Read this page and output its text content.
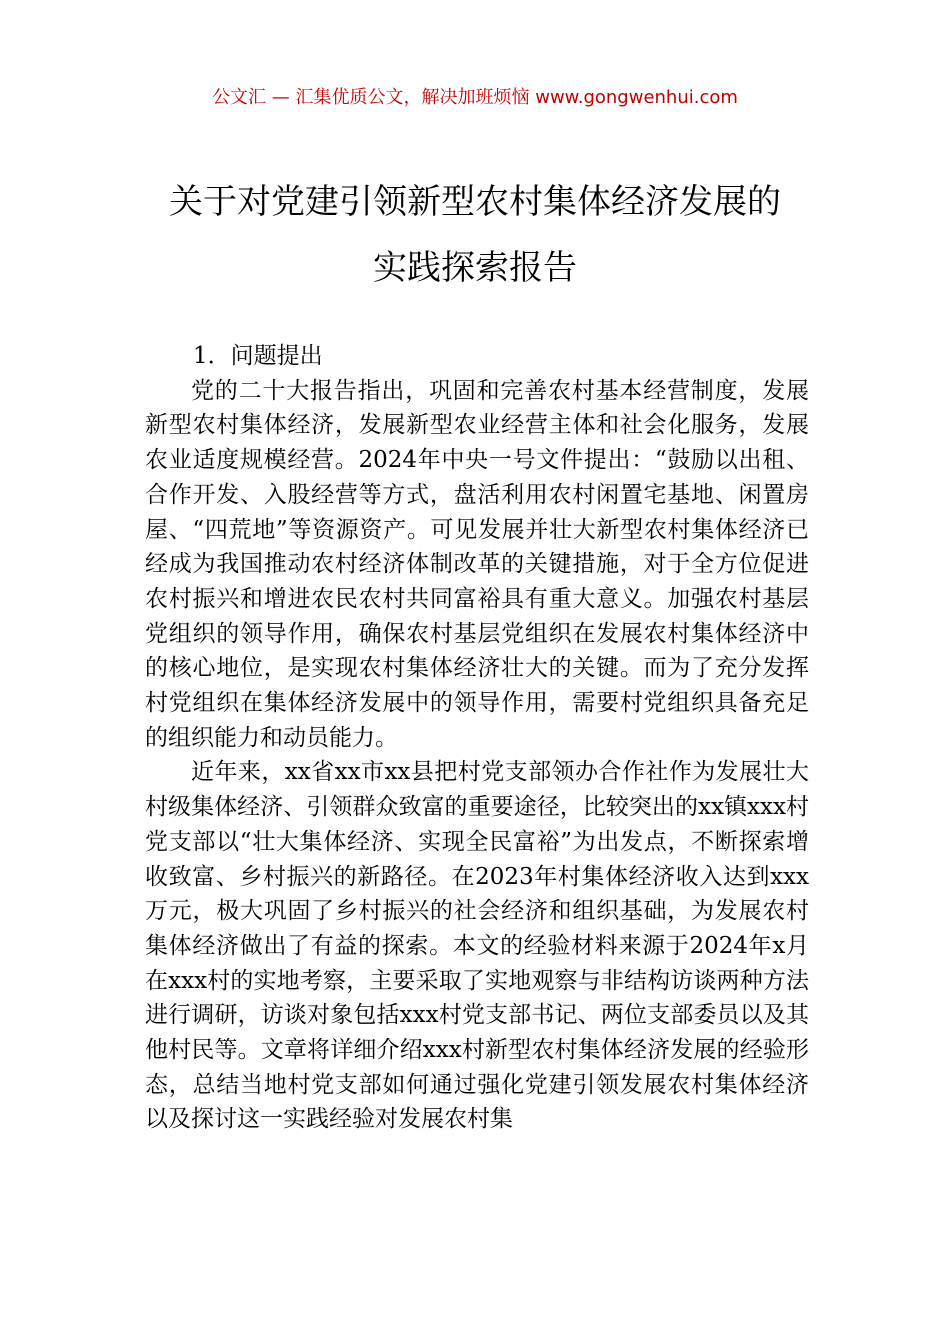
公文汇 — 汇集优质公文，解决加班烦恼 www.gongwenhui.com
关于对党建引领新型农村集体经济发展的
实践探索报告

1．问题提出

党的二十大报告指出，巩固和完善农村基本经营制度，发展新型农村集体经济，发展新型农业经营主体和社会化服务，发展农业适度规模经营。2024年中央一号文件提出：“鼓励以出租、合作开发、入股经营等方式，盘活利用农村闲置宅基地、闲置房屋、“四荒地”等资源资产。可见发展并壮大新型农村集体经济已经成为我国推动农村经济体制改革的关键措施，对于全方位促进农村振兴和增进农民农村共同富裕具有重大意义。加强农村基层党组织的领导作用，确保农村基层党组织在发展农村集体经济中的核心地位，是实现农村集体经济壮大的关键。而为了充分发挥村党组织在集体经济发展中的领导作用，需要村党组织具备充足的组织能力和动员能力。

近年来，xx省xx市xx县把村党支部领办合作社作为发展壮大村级集体经济、引领群众致富的重要途径，比较突出的xx镇xxx村党支部以“壮大集体经济、实现全民富裕”为出发点，不断探索增收致富、乡村振兴的新路径。在2023年村集体经济收入达到xxx万元，极大巩固了乡村振兴的社会经济和组织基础，为发展农村集体经济做出了有益的探索。本文的经验材料来源于2024年x月在xxx村的实地考察，主要采取了实地观察与非结构访谈两种方法进行调研，访谈对象包括xxx村党支部书记、两位支部委员以及其他村民等。文章将详细介绍xxx村新型农村集体经济发展的经验形态，总结当地村党支部如何通过强化党建引领发展农村集体经济以及探讨这一实践经验对发展农村集
